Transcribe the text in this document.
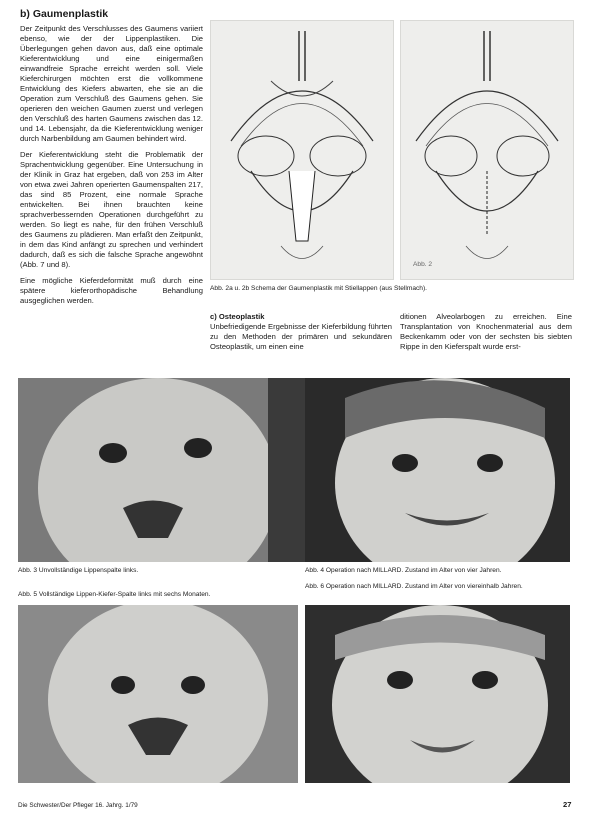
b) Gaumenplastik

Der Zeitpunkt des Verschlusses des Gaumens variiert ebenso, wie der der Lippenplastiken. Die Überlegungen gehen davon aus, daß eine optimale Kieferentwicklung und eine einigermaßen einwandfreie Sprache erreicht werden soll. Viele Kieferchirurgen möchten erst die vollkommene Entwicklung des Kiefers abwarten, ehe sie an die Operation zum Verschluß des Gaumens gehen. Sie operieren den weichen Gaumen zuerst und verlegen den Verschluß des harten Gaumens zwischen das 12. und 14. Lebensjahr, da die Kieferentwicklung weniger durch Narbenbildung am Gaumen behindert wird.

Der Kieferentwicklung steht die Problematik der Sprachentwicklung gegenüber. Eine Untersuchung in der Klinik in Graz hat ergeben, daß von 253 im Alter von etwa zwei Jahren operierten Gaumenspalten 217, das sind 85 Prozent, eine normale Sprache entwickelten. Bei ihnen brauchten keine sprachverbessernden Operationen durchgeführt zu werden. So liegt es nahe, für den frühen Verschluß des Gaumens zu plädieren. Man erfaßt den Zeitpunkt, in dem das Kind anfängt zu sprechen und verhindert dadurch, daß es sich die falsche Sprache angewöhnt (Abb. 7 und 8).

Eine mögliche Kieferdeformität muß durch eine spätere kieferorthopädische Behandlung ausgeglichen werden.

Abb. 2
Abb. 2a u. 2b Schema der Gaumenplastik mit Stiellappen (aus Stellmach).
c) Osteoplastik
Unbefriedigende Ergebnisse der Kieferbildung führten zu den Methoden der primären und sekundären Osteoplastik, um einen eine
ditionen Alveolarbogen zu erreichen. Eine Transplantation von Knochenmaterial aus dem Beckenkamm oder von der sechsten bis siebten Rippe in den Kieferspalt wurde erst-
Abb. 3 Unvollständige Lippenspalte links.	Abb. 4 Operation nach MILLARD. Zustand im Alter von vier Jahren.
Abb. 5 Vollständige Lippen-Kiefer-Spalte links mit sechs Monaten.
Abb. 6 Operation nach MILLARD. Zustand im Alter von viereinhalb Jahren.
Die Schwester/Der Pfleger 16. Jahrg. 1/79	27
